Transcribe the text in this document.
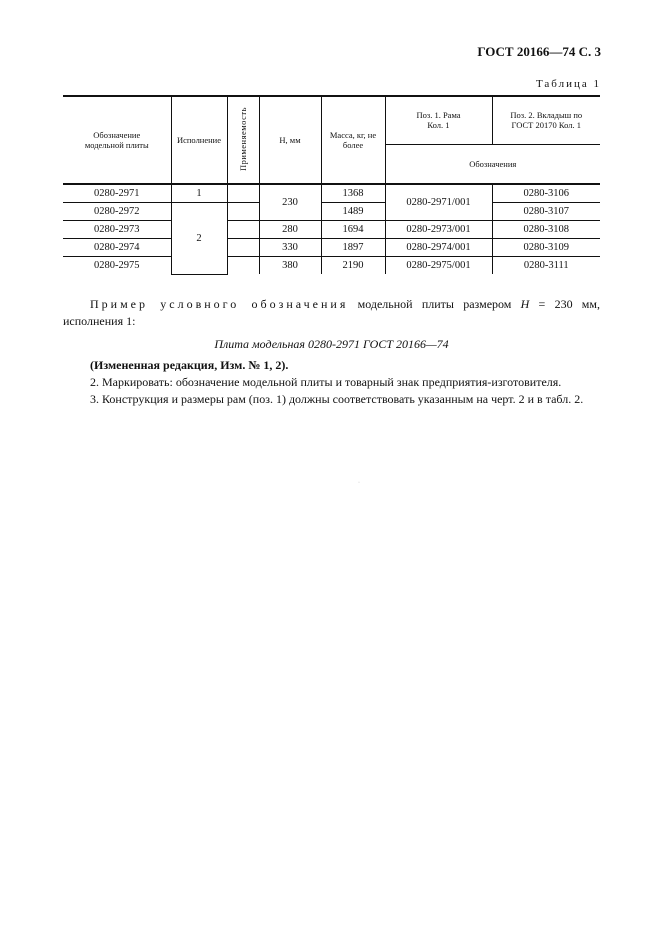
ГОСТ 20166—74 С. 3
Таблица 1
Обозначение модельной плиты	Исполнение	Применяемость	Н, мм	Масса, кг, не более	Поз. 1. Рама Кол. 1	Поз. 2. Вкладыш по ГОСТ 20170 Кол. 1
					Обозначения	
0280-2971	1		230	1368	0280-2971/001	0280-3106
0280-2972	2			1489		0280-3107
0280-2973			280	1694	0280-2973/001	0280-3108
0280-2974			330	1897	0280-2974/001	0280-3109
0280-2975			380	2190	0280-2975/001	0280-3111

Пример условного обозначения модельной плиты размером Н = 230 мм, исполнения 1:

Плита модельная 0280-2971 ГОСТ 20166—74

(Измененная редакция, Изм. № 1, 2).

2. Маркировать: обозначение модельной плиты и товарный знак предприятия-изготовителя.

3. Конструкция и размеры рам (поз. 1) должны соответствовать указанным на черт. 2 и в табл. 2.

·
